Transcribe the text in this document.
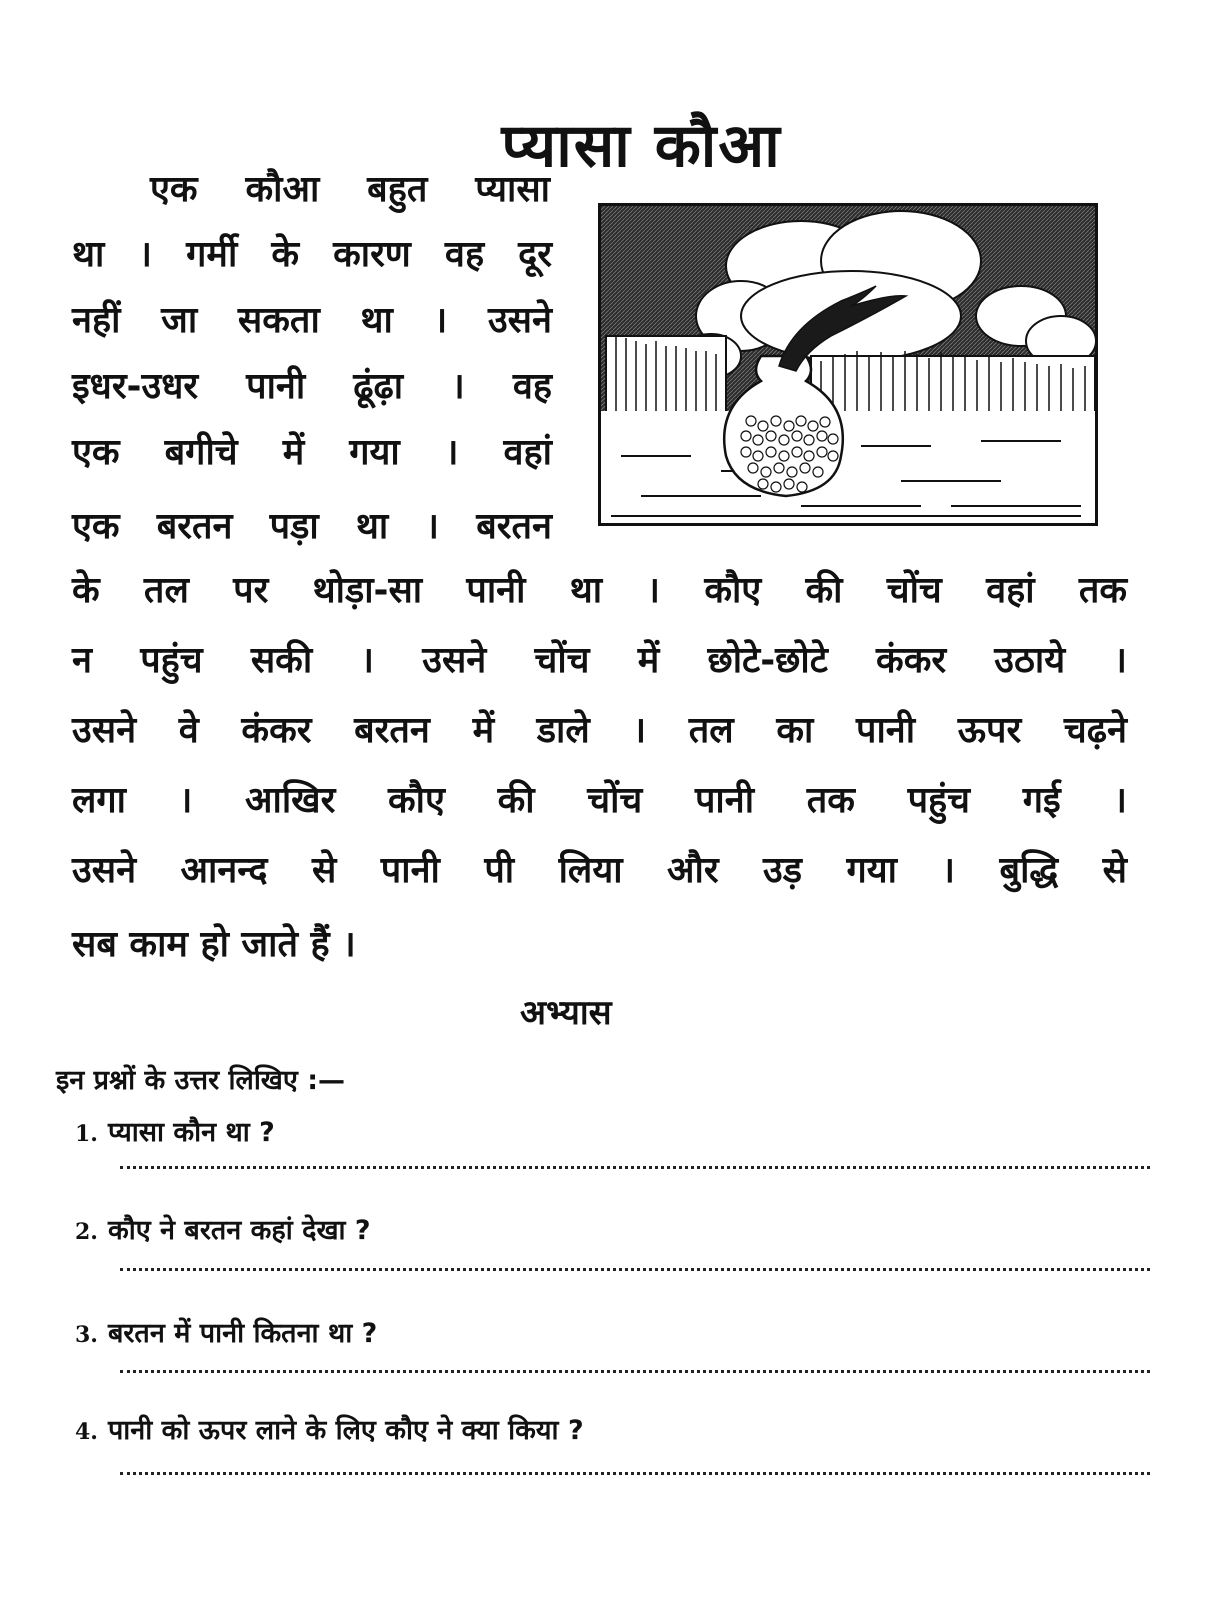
प्यासा कौआ
एक कौआ बहुत प्यासा
था । गर्मी के कारण वह दूर
नहीं जा सकता था । उसने
इधर-उधर पानी ढूंढ़ा । वह
एक बगीचे में गया । वहां
एक बरतन पड़ा था । बरतन
के तल पर थोड़ा-सा पानी था । कौए की चोंच वहां तक
न पहुंच सकी । उसने चोंच में छोटे-छोटे कंकर उठाये ।
उसने वे कंकर बरतन में डाले । तल का पानी ऊपर चढ़ने
लगा । आखिर कौए की चोंच पानी तक पहुंच गई ।
उसने आनन्द से पानी पी लिया और उड़ गया । बुद्धि से
सब काम हो जाते हैं ।
अभ्यास
इन प्रश्नों के उत्तर लिखिए :—
1. प्यासा कौन था ?
2. कौए ने बरतन कहां देखा ?
3. बरतन में पानी कितना था ?
4. पानी को ऊपर लाने के लिए कौए ने क्या किया ?
